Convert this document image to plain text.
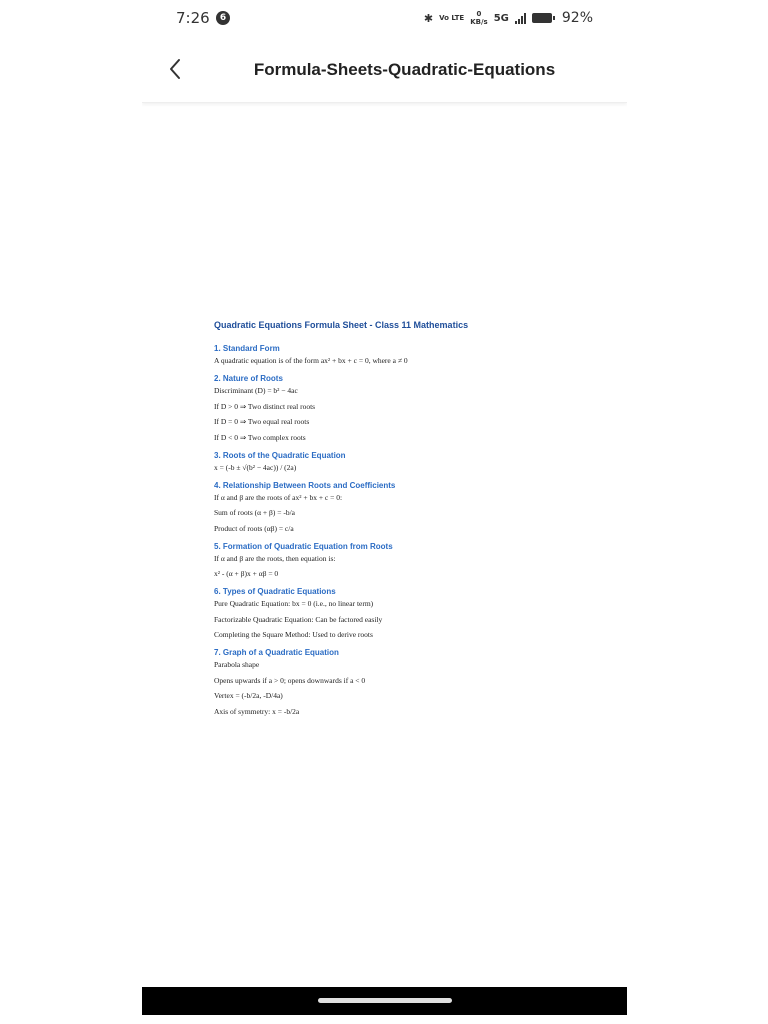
7:26	6	✱ Vo LTE	0
KB/s 5G	92%
Formula-Sheets-Quadratic-Equations
Quadratic Equations Formula Sheet - Class 11 Mathematics
1. Standard Form
A quadratic equation is of the form ax² + bx + c = 0, where a ≠ 0
2. Nature of Roots
Discriminant (D) = b² − 4ac
If D > 0 ⇒ Two distinct real roots
If D = 0 ⇒ Two equal real roots
If D < 0 ⇒ Two complex roots
3. Roots of the Quadratic Equation
x = (-b ± √(b² − 4ac)) / (2a)
4. Relationship Between Roots and Coefficients
If α and β are the roots of ax² + bx + c = 0:
Sum of roots (α + β) = -b/a
Product of roots (αβ) = c/a
5. Formation of Quadratic Equation from Roots
If α and β are the roots, then equation is:
x² - (α + β)x + αβ = 0
6. Types of Quadratic Equations
Pure Quadratic Equation: bx = 0 (i.e., no linear term)
Factorizable Quadratic Equation: Can be factored easily
Completing the Square Method: Used to derive roots
7. Graph of a Quadratic Equation
Parabola shape
Opens upwards if a > 0; opens downwards if a < 0
Vertex = (-b/2a, -D/4a)
Axis of symmetry: x = -b/2a
